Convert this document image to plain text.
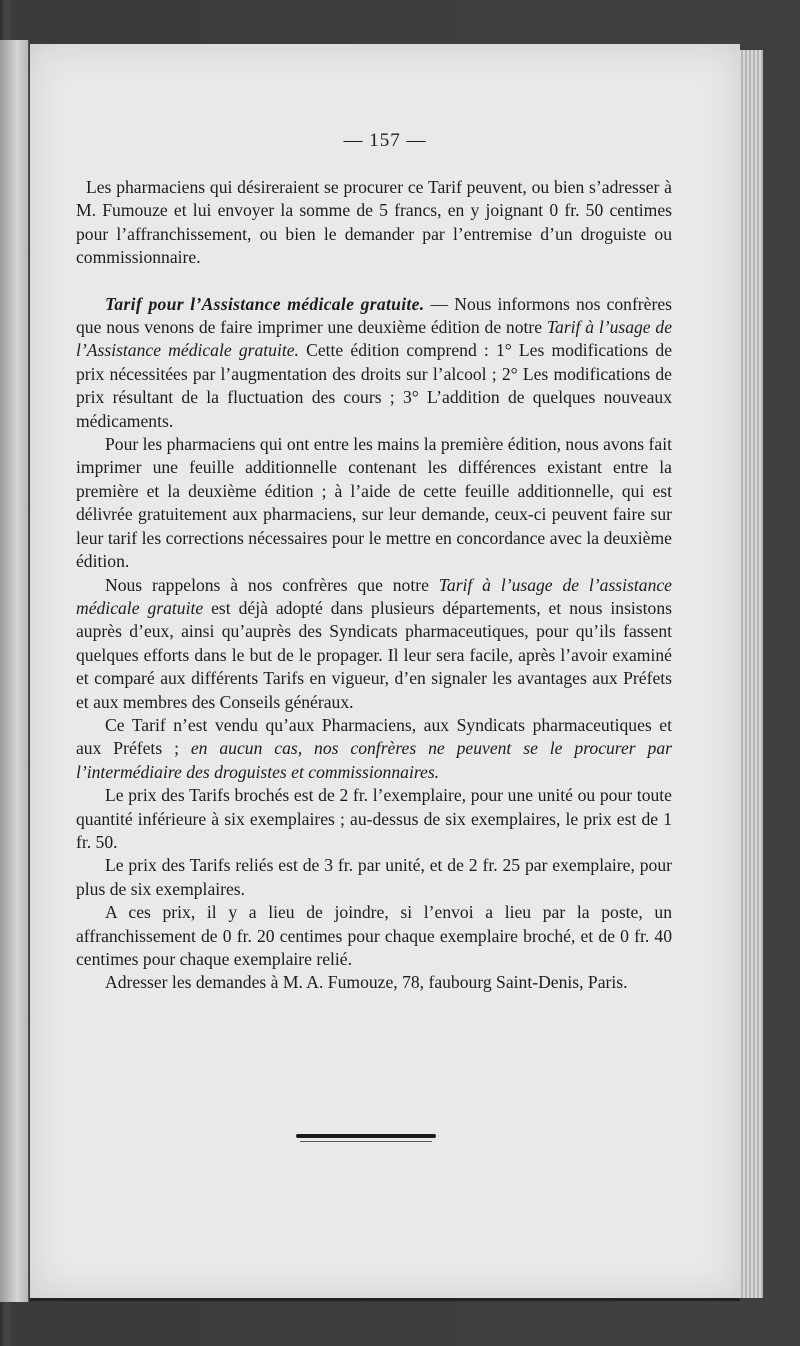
— 157 —

Les pharmaciens qui désireraient se procurer ce Tarif peuvent, ou bien s’adresser à M. Fumouze et lui envoyer la somme de 5 francs, en y joignant 0 fr. 50 centimes pour l’affranchissement, ou bien le demander par l’entremise d’un droguiste ou commissionnaire.

Tarif pour l’Assistance médicale gratuite. — Nous informons nos confrères que nous venons de faire imprimer une deuxième édition de notre Tarif à l’usage de l’Assistance médicale gratuite. Cette édition comprend : 1° Les modifications de prix nécessitées par l’augmentation des droits sur l’alcool ; 2° Les modifications de prix résultant de la fluctuation des cours ; 3° L’addition de quelques nouveaux médicaments.

Pour les pharmaciens qui ont entre les mains la première édition, nous avons fait imprimer une feuille additionnelle contenant les différences existant entre la première et la deuxième édition ; à l’aide de cette feuille additionnelle, qui est délivrée gratuitement aux pharmaciens, sur leur demande, ceux-ci peuvent faire sur leur tarif les corrections nécessaires pour le mettre en concordance avec la deuxième édition.

Nous rappelons à nos confrères que notre Tarif à l’usage de l’assistance médicale gratuite est déjà adopté dans plusieurs départements, et nous insistons auprès d’eux, ainsi qu’auprès des Syndicats pharmaceutiques, pour qu’ils fassent quelques efforts dans le but de le propager. Il leur sera facile, après l’avoir examiné et comparé aux différents Tarifs en vigueur, d’en signaler les avantages aux Préfets et aux membres des Conseils généraux.

Ce Tarif n’est vendu qu’aux Pharmaciens, aux Syndicats pharmaceutiques et aux Préfets ; en aucun cas, nos confrères ne peuvent se le procurer par l’intermédiaire des droguistes et commissionnaires.

Le prix des Tarifs brochés est de 2 fr. l’exemplaire, pour une unité ou pour toute quantité inférieure à six exemplaires ; au-dessus de six exemplaires, le prix est de 1 fr. 50.

Le prix des Tarifs reliés est de 3 fr. par unité, et de 2 fr. 25 par exemplaire, pour plus de six exemplaires.

A ces prix, il y a lieu de joindre, si l’envoi a lieu par la poste, un affranchissement de 0 fr. 20 centimes pour chaque exemplaire broché, et de 0 fr. 40 centimes pour chaque exemplaire relié.

Adresser les demandes à M. A. Fumouze, 78, faubourg Saint-Denis, Paris.
